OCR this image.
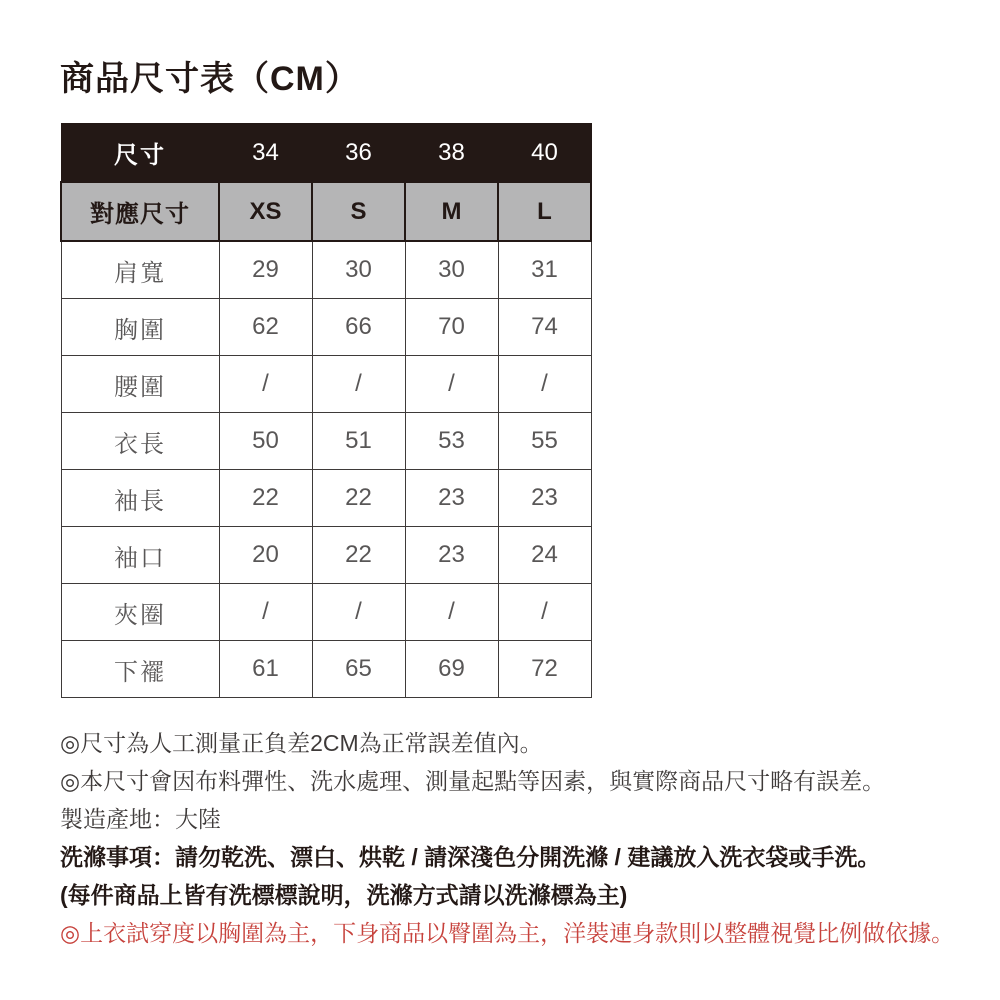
商品尺寸表（CM）
尺寸	34	36	38	40
對應尺寸	XS	S	M	L
肩寬	29	30	30	31
胸圍	62	66	70	74
腰圍	/	/	/	/
衣長	50	51	53	55
袖長	22	22	23	23
袖口	20	22	23	24
夾圈	/	/	/	/
下襬	61	65	69	72
◎尺寸為人工測量正負差2CM為正常誤差值內。
◎本尺寸會因布料彈性、洗水處理、測量起點等因素，與實際商品尺寸略有誤差。
製造產地：大陸
洗滌事項：請勿乾洗、漂白、烘乾 / 請深淺色分開洗滌 / 建議放入洗衣袋或手洗。
(每件商品上皆有洗標標說明，洗滌方式請以洗滌標為主)
◎上衣試穿度以胸圍為主，下身商品以臀圍為主，洋裝連身款則以整體視覺比例做依據。
